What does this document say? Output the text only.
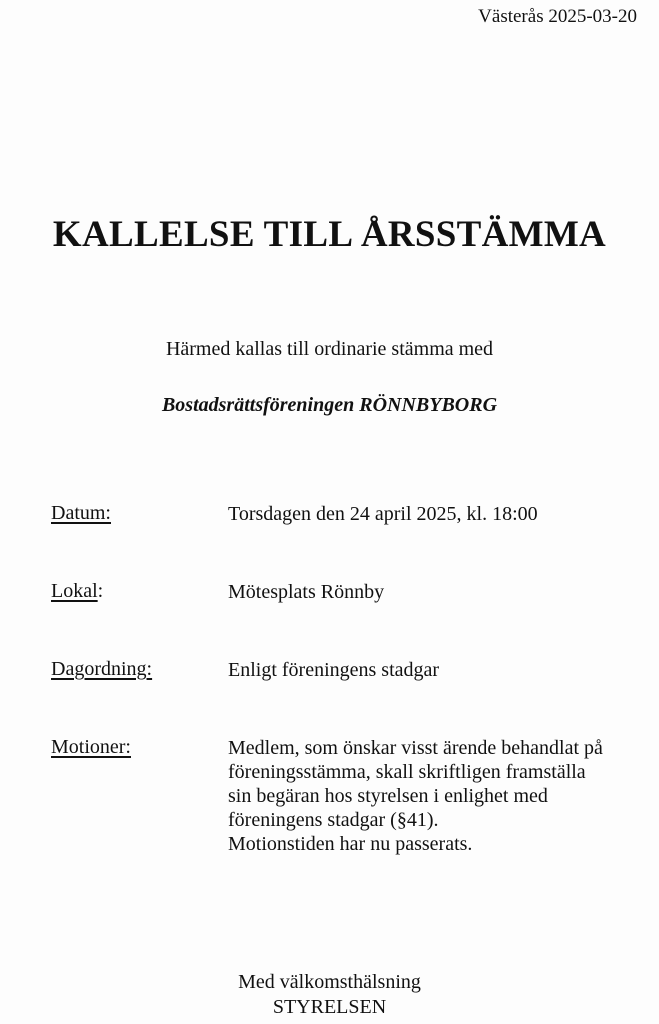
Västerås 2025-03-20
KALLELSE TILL ÅRSSTÄMMA
Härmed kallas till ordinarie stämma med
Bostadsrättsföreningen RÖNNBYBORG
Datum:	Torsdagen den 24 april 2025, kl. 18:00

Lokal:	Mötesplats Rönnby

Dagordning:	Enligt föreningens stadgar

Motioner:	Medlem, som önskar visst ärende behandlat på

föreningsstämma, skall skriftligen framställa

sin begäran hos styrelsen i enlighet med

föreningens stadgar (§41).

Motionstiden har nu passerats.

Med välkomsthälsning
STYRELSEN
